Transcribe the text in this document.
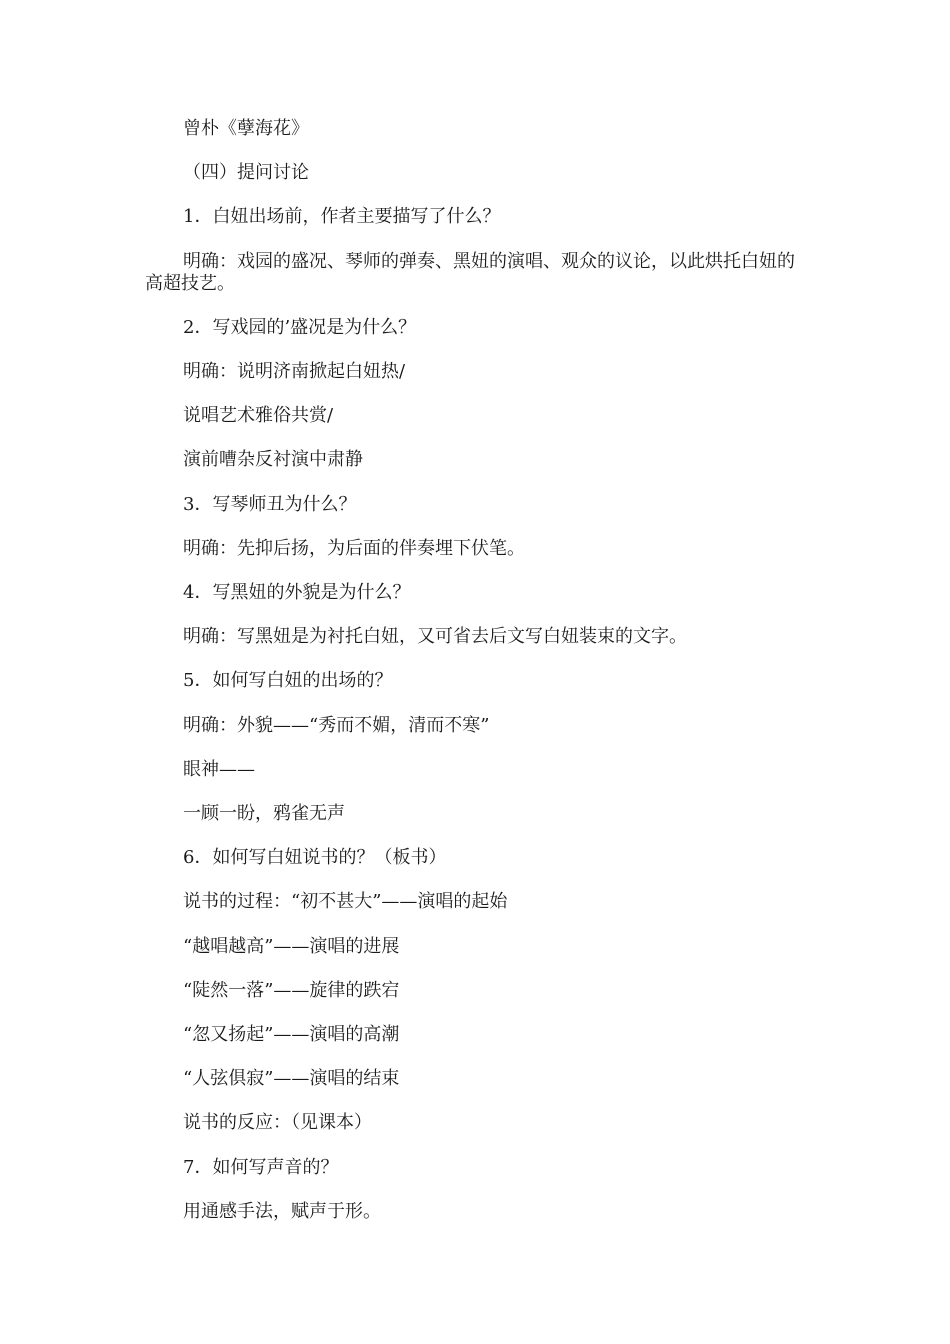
曾朴《孽海花》
（四）提问讨论
1．白妞出场前，作者主要描写了什么？
明确：戏园的盛况、琴师的弹奏、黑妞的演唱、观众的议论，以此烘托白妞的高超技艺。
2．写戏园的’盛况是为什么？
明确：说明济南掀起白妞热/
说唱艺术雅俗共赏/
演前嘈杂反衬演中肃静
3．写琴师丑为什么？
明确：先抑后扬，为后面的伴奏埋下伏笔。
4．写黑妞的外貌是为什么？
明确：写黑妞是为衬托白妞，又可省去后文写白妞装束的文字。
5．如何写白妞的出场的？
明确：外貌——“秀而不媚，清而不寒”
眼神——
一顾一盼，鸦雀无声
6．如何写白妞说书的？（板书）
说书的过程：“初不甚大”——演唱的起始
“越唱越高”——演唱的进展
“陡然一落”——旋律的跌宕
“忽又扬起”——演唱的高潮
“人弦俱寂”——演唱的结束
说书的反应：（见课本）
7．如何写声音的？
用通感手法，赋声于形。
